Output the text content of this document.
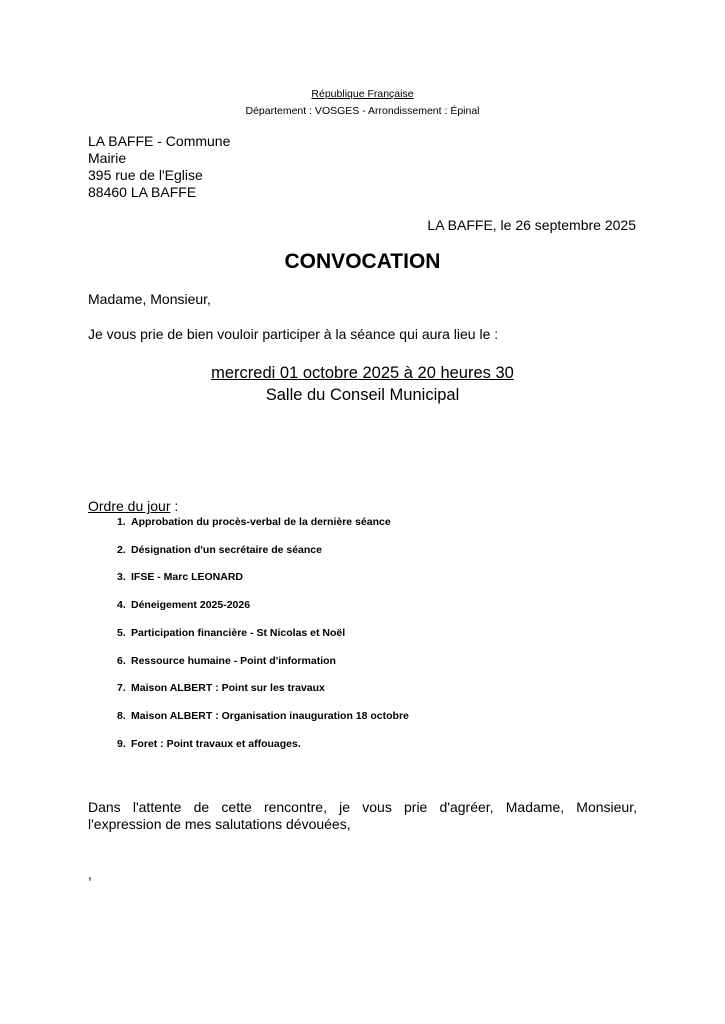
République Française
Département : VOSGES - Arrondissement : Épinal
LA BAFFE - Commune
Mairie
395 rue de l'Eglise
88460 LA BAFFE
LA BAFFE, le 26 septembre 2025
CONVOCATION
Madame, Monsieur,
Je vous prie de bien vouloir participer à la séance qui aura lieu le :
mercredi 01 octobre 2025 à 20 heures 30
Salle du Conseil Municipal
Ordre du jour :
1. Approbation du procès-verbal de la dernière séance
2. Désignation d'un secrétaire de séance
3. IFSE - Marc LEONARD
4. Déneigement 2025-2026
5. Participation financière - St Nicolas et Noël
6. Ressource humaine - Point d'information
7. Maison ALBERT : Point sur les travaux
8. Maison ALBERT : Organisation inauguration 18 octobre
9. Foret : Point travaux et affouages.
Dans l'attente de cette rencontre, je vous prie d'agréer, Madame, Monsieur,
l'expression de mes salutations dévouées,
,
